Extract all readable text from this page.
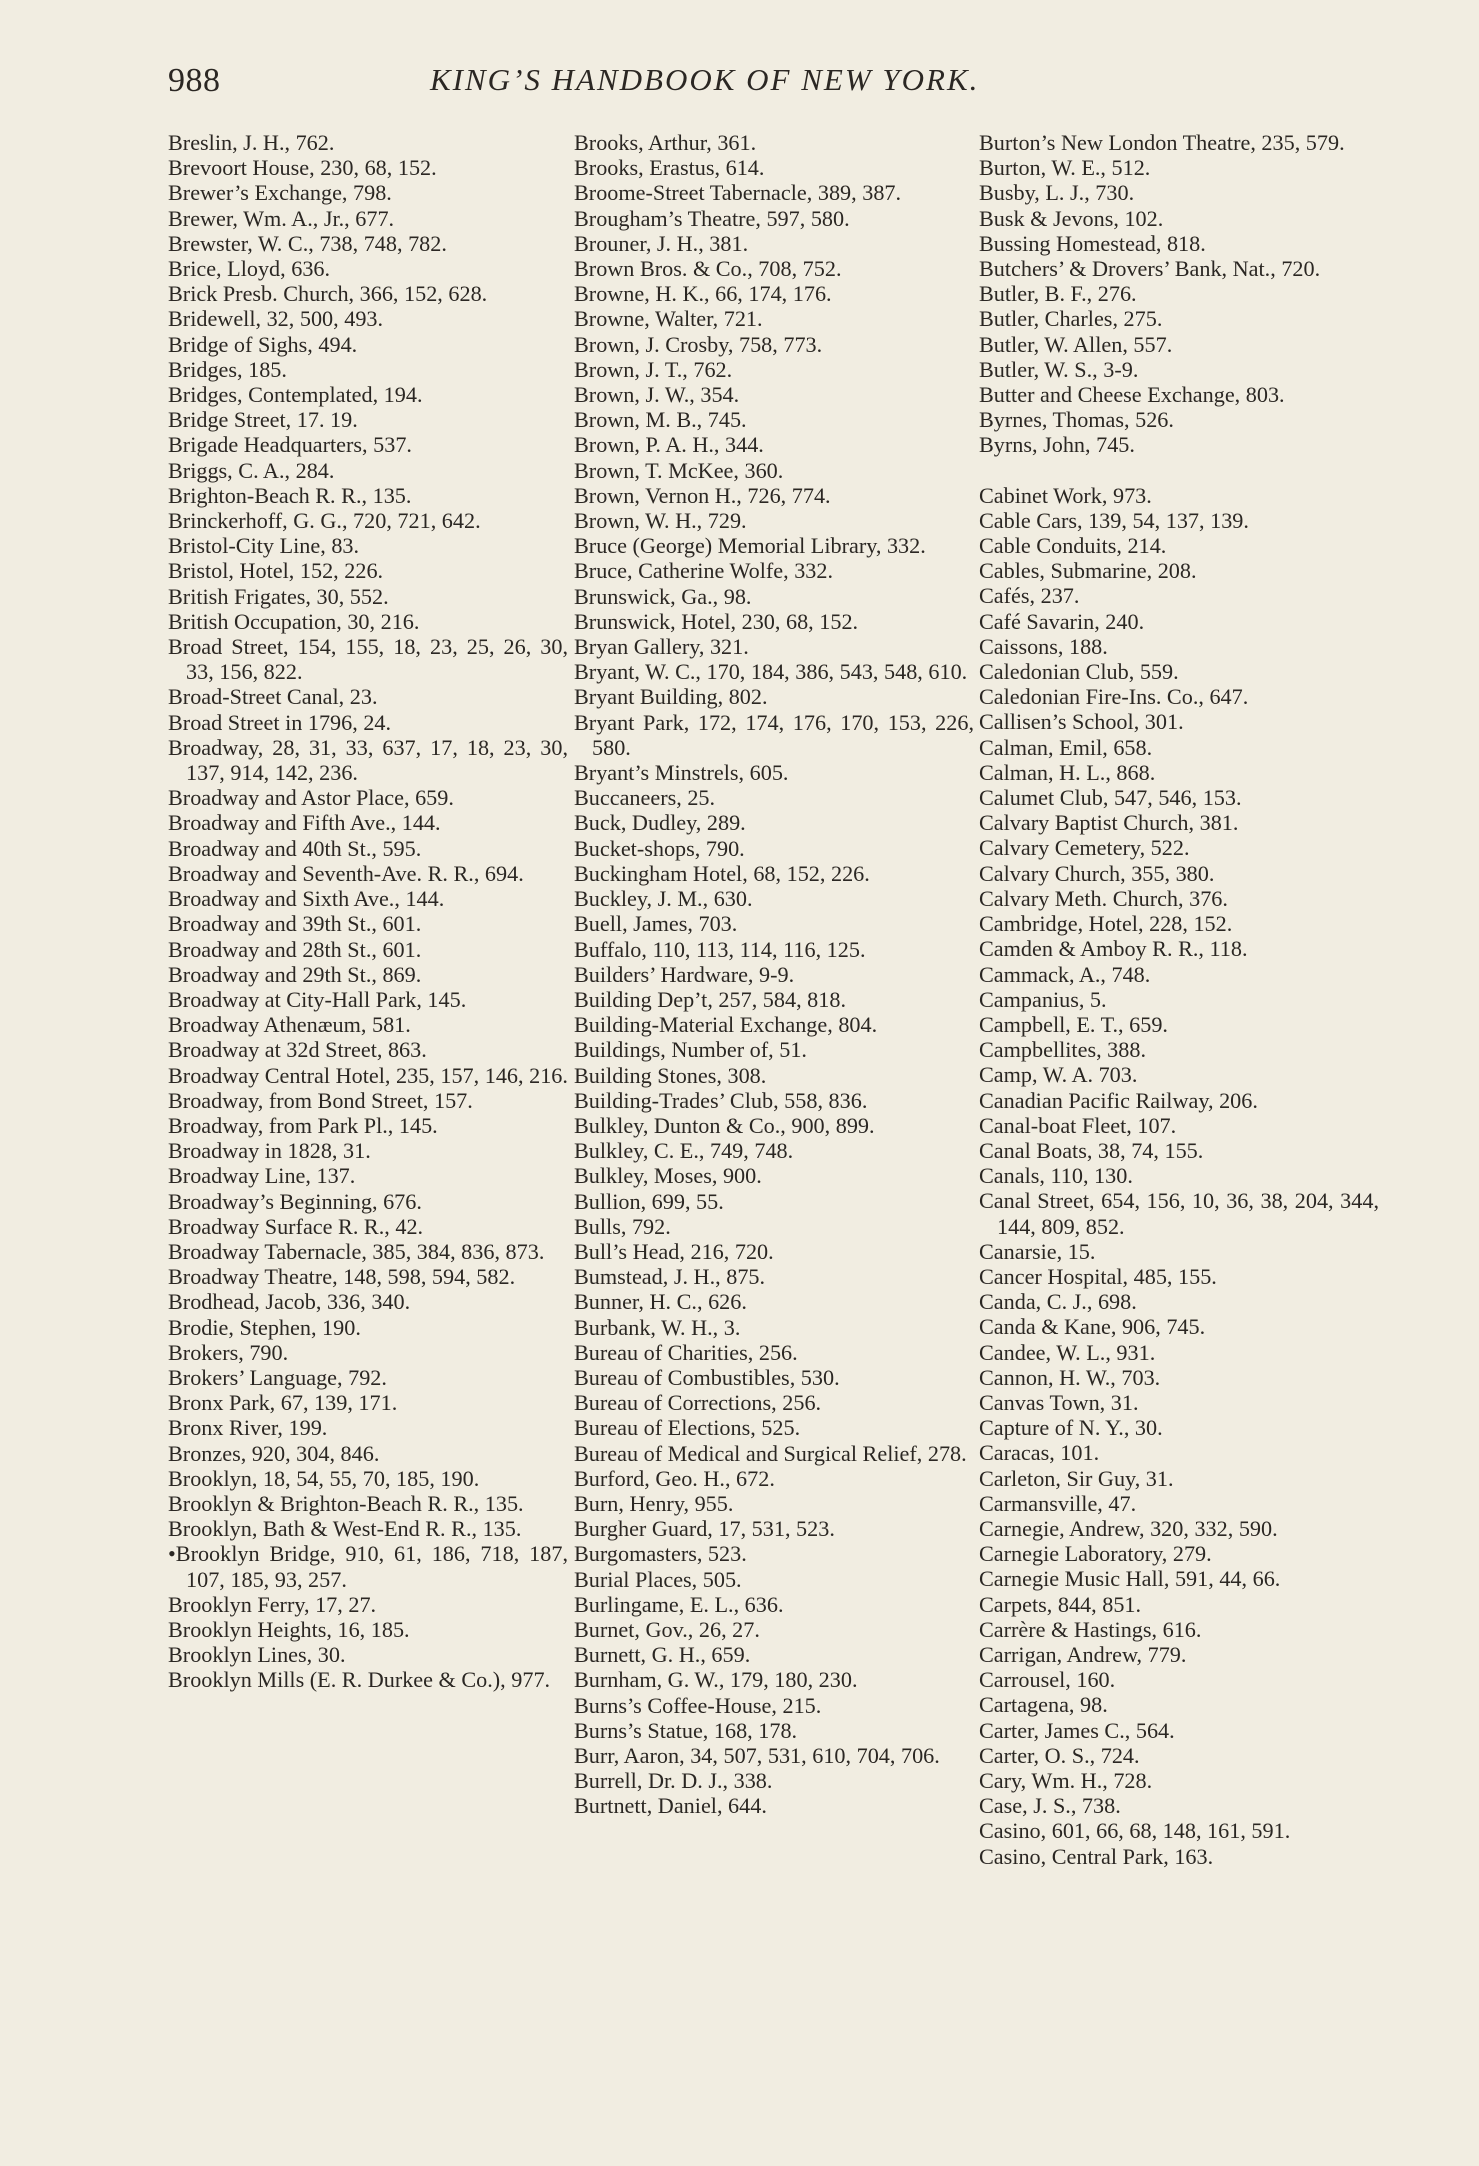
988	KING’S HANDBOOK OF NEW YORK.

Breslin, J. H., 762.

Brevoort House, 230, 68, 152.

Brewer’s Exchange, 798.

Brewer, Wm. A., Jr., 677.

Brewster, W. C., 738, 748, 782.

Brice, Lloyd, 636.

Brick Presb. Church, 366, 152, 628.

Bridewell, 32, 500, 493.

Bridge of Sighs, 494.

Bridges, 185.

Bridges, Contemplated, 194.

Bridge Street, 17. 19.

Brigade Headquarters, 537.

Briggs, C. A., 284.

Brighton-Beach R. R., 135.

Brinckerhoff, G. G., 720, 721, 642.

Bristol-City Line, 83.

Bristol, Hotel, 152, 226.

British Frigates, 30, 552.

British Occupation, 30, 216.

Broad Street, 154, 155, 18, 23, 25, 26, 30, 33, 156, 822.

Broad-Street Canal, 23.

Broad Street in 1796, 24.

Broadway, 28, 31, 33, 637, 17, 18, 23, 30, 137, 914, 142, 236.

Broadway and Astor Place, 659.

Broadway and Fifth Ave., 144.

Broadway and 40th St., 595.

Broadway and Seventh-Ave. R. R., 694.

Broadway and Sixth Ave., 144.

Broadway and 39th St., 601.

Broadway and 28th St., 601.

Broadway and 29th St., 869.

Broadway at City-Hall Park, 145.

Broadway Athenæum, 581.

Broadway at 32d Street, 863.

Broadway Central Hotel, 235, 157, 146, 216.

Broadway, from Bond Street, 157.

Broadway, from Park Pl., 145.

Broadway in 1828, 31.

Broadway Line, 137.

Broadway’s Beginning, 676.

Broadway Surface R. R., 42.

Broadway Tabernacle, 385, 384, 836, 873.

Broadway Theatre, 148, 598, 594, 582.

Brodhead, Jacob, 336, 340.

Brodie, Stephen, 190.

Brokers, 790.

Brokers’ Language, 792.

Bronx Park, 67, 139, 171.

Bronx River, 199.

Bronzes, 920, 304, 846.

Brooklyn, 18, 54, 55, 70, 185, 190.

Brooklyn & Brighton-Beach R. R., 135.

Brooklyn, Bath & West-End R. R., 135.

•Brooklyn Bridge, 910, 61, 186, 718, 187, 107, 185, 93, 257.

Brooklyn Ferry, 17, 27.

Brooklyn Heights, 16, 185.

Brooklyn Lines, 30.

Brooklyn Mills (E. R. Durkee & Co.), 977.

Brooks, Arthur, 361.

Brooks, Erastus, 614.

Broome-Street Tabernacle, 389, 387.

Brougham’s Theatre, 597, 580.

Brouner, J. H., 381.

Brown Bros. & Co., 708, 752.

Browne, H. K., 66, 174, 176.

Browne, Walter, 721.

Brown, J. Crosby, 758, 773.

Brown, J. T., 762.

Brown, J. W., 354.

Brown, M. B., 745.

Brown, P. A. H., 344.

Brown, T. McKee, 360.

Brown, Vernon H., 726, 774.

Brown, W. H., 729.

Bruce (George) Memorial Library, 332.

Bruce, Catherine Wolfe, 332.

Brunswick, Ga., 98.

Brunswick, Hotel, 230, 68, 152.

Bryan Gallery, 321.

Bryant, W. C., 170, 184, 386, 543, 548, 610.

Bryant Building, 802.

Bryant Park, 172, 174, 176, 170, 153, 226, 580.

Bryant’s Minstrels, 605.

Buccaneers, 25.

Buck, Dudley, 289.

Bucket-shops, 790.

Buckingham Hotel, 68, 152, 226.

Buckley, J. M., 630.

Buell, James, 703.

Buffalo, 110, 113, 114, 116, 125.

Builders’ Hardware, 9-9.

Building Dep’t, 257, 584, 818.

Building-Material Exchange, 804.

Buildings, Number of, 51.

Building Stones, 308.

Building-Trades’ Club, 558, 836.

Bulkley, Dunton & Co., 900, 899.

Bulkley, C. E., 749, 748.

Bulkley, Moses, 900.

Bullion, 699, 55.

Bulls, 792.

Bull’s Head, 216, 720.

Bumstead, J. H., 875.

Bunner, H. C., 626.

Burbank, W. H., 3.

Bureau of Charities, 256.

Bureau of Combustibles, 530.

Bureau of Corrections, 256.

Bureau of Elections, 525.

Bureau of Medical and Surgical Relief, 278.

Burford, Geo. H., 672.

Burn, Henry, 955.

Burgher Guard, 17, 531, 523.

Burgomasters, 523.

Burial Places, 505.

Burlingame, E. L., 636.

Burnet, Gov., 26, 27.

Burnett, G. H., 659.

Burnham, G. W., 179, 180, 230.

Burns’s Coffee-House, 215.

Burns’s Statue, 168, 178.

Burr, Aaron, 34, 507, 531, 610, 704, 706.

Burrell, Dr. D. J., 338.

Burtnett, Daniel, 644.

Burton’s New London Theatre, 235, 579.

Burton, W. E., 512.

Busby, L. J., 730.

Busk & Jevons, 102.

Bussing Homestead, 818.

Butchers’ & Drovers’ Bank, Nat., 720.

Butler, B. F., 276.

Butler, Charles, 275.

Butler, W. Allen, 557.

Butler, W. S., 3-9.

Butter and Cheese Exchange, 803.

Byrnes, Thomas, 526.

Byrns, John, 745.

Cabinet Work, 973.

Cable Cars, 139, 54, 137, 139.

Cable Conduits, 214.

Cables, Submarine, 208.

Cafés, 237.

Café Savarin, 240.

Caissons, 188.

Caledonian Club, 559.

Caledonian Fire-Ins. Co., 647.

Callisen’s School, 301.

Calman, Emil, 658.

Calman, H. L., 868.

Calumet Club, 547, 546, 153.

Calvary Baptist Church, 381.

Calvary Cemetery, 522.

Calvary Church, 355, 380.

Calvary Meth. Church, 376.

Cambridge, Hotel, 228, 152.

Camden & Amboy R. R., 118.

Cammack, A., 748.

Campanius, 5.

Campbell, E. T., 659.

Campbellites, 388.

Camp, W. A. 703.

Canadian Pacific Railway, 206.

Canal-boat Fleet, 107.

Canal Boats, 38, 74, 155.

Canals, 110, 130.

Canal Street, 654, 156, 10, 36, 38, 204, 344, 144, 809, 852.

Canarsie, 15.

Cancer Hospital, 485, 155.

Canda, C. J., 698.

Canda & Kane, 906, 745.

Candee, W. L., 931.

Cannon, H. W., 703.

Canvas Town, 31.

Capture of N. Y., 30.

Caracas, 101.

Carleton, Sir Guy, 31.

Carmansville, 47.

Carnegie, Andrew, 320, 332, 590.

Carnegie Laboratory, 279.

Carnegie Music Hall, 591, 44, 66.

Carpets, 844, 851.

Carrère & Hastings, 616.

Carrigan, Andrew, 779.

Carrousel, 160.

Cartagena, 98.

Carter, James C., 564.

Carter, O. S., 724.

Cary, Wm. H., 728.

Case, J. S., 738.

Casino, 601, 66, 68, 148, 161, 591.

Casino, Central Park, 163.
